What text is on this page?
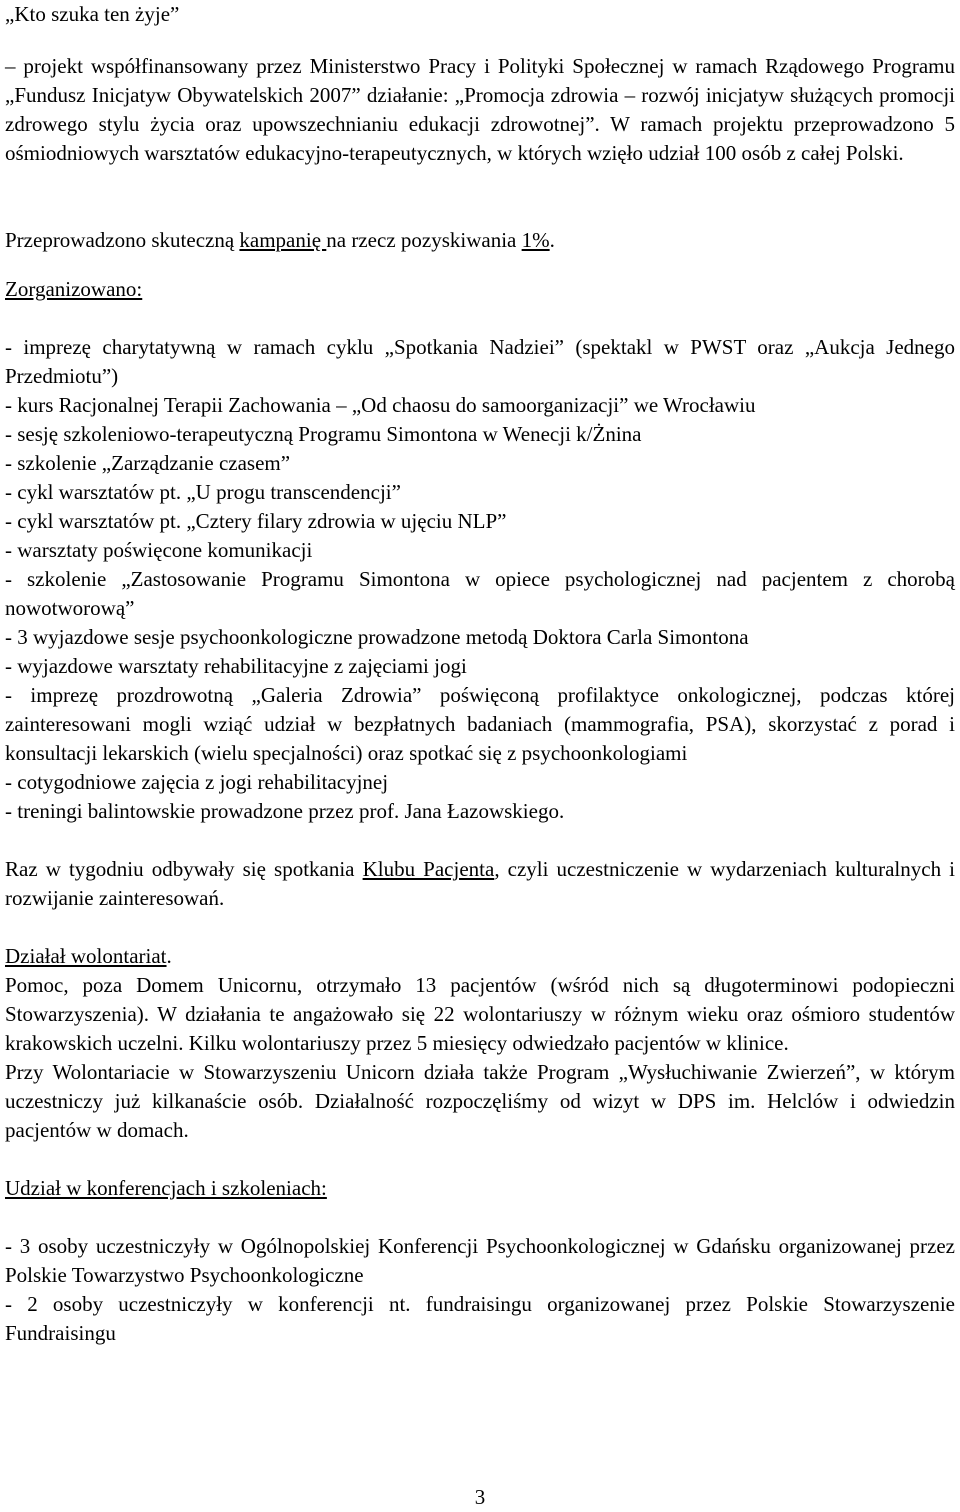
„Kto szuka ten żyje”

– projekt współfinansowany przez Ministerstwo Pracy i Polityki Społecznej w ramach Rządowego Programu „Fundusz Inicjatyw Obywatelskich 2007” działanie: „Promocja zdrowia – rozwój inicjatyw służących promocji zdrowego stylu życia oraz upowszechnianiu edukacji zdrowotnej”. W ramach projektu przeprowadzono 5 ośmiodniowych warsztatów edukacyjno-terapeutycznych, w których wzięło udział 100 osób z całej Polski.

Przeprowadzono skuteczną kampanię na rzecz pozyskiwania 1%.

Zorganizowano:

- imprezę charytatywną w ramach cyklu „Spotkania Nadziei” (spektakl w PWST oraz „Aukcja Jednego Przedmiotu”)

- kurs Racjonalnej Terapii Zachowania – „Od chaosu do samoorganizacji” we Wrocławiu

- sesję szkoleniowo-terapeutyczną Programu Simontona w Wenecji k/Żnina

- szkolenie „Zarządzanie czasem”

- cykl warsztatów pt. „U progu transcendencji”

- cykl warsztatów pt. „Cztery filary zdrowia w ujęciu NLP”

- warsztaty poświęcone komunikacji

- szkolenie „Zastosowanie Programu Simontona w opiece psychologicznej nad pacjentem z chorobą nowotworową”

- 3 wyjazdowe sesje psychoonkologiczne prowadzone metodą Doktora Carla Simontona

- wyjazdowe warsztaty rehabilitacyjne z zajęciami jogi

- imprezę prozdrowotną „Galeria Zdrowia” poświęconą profilaktyce onkologicznej, podczas której zainteresowani mogli wziąć udział w bezpłatnych badaniach (mammografia, PSA), skorzystać z porad i konsultacji lekarskich (wielu specjalności) oraz spotkać się z psychoonkologiami

- cotygodniowe zajęcia z jogi rehabilitacyjnej

- treningi balintowskie prowadzone przez prof. Jana Łazowskiego.

Raz w tygodniu odbywały się spotkania Klubu Pacjenta, czyli uczestniczenie w wydarzeniach kulturalnych i rozwijanie zainteresowań.

Działał wolontariat.

Pomoc, poza Domem Unicornu, otrzymało 13 pacjentów (wśród nich są długoterminowi podopieczni Stowarzyszenia). W działania te angażowało się 22 wolontariuszy w różnym wieku oraz ośmioro studentów krakowskich uczelni. Kilku wolontariuszy przez 5 miesięcy odwiedzało pacjentów w klinice.

Przy Wolontariacie w Stowarzyszeniu Unicorn działa także Program „Wysłuchiwanie Zwierzeń”, w którym uczestniczy już kilkanaście osób. Działalność rozpoczęliśmy od wizyt w DPS im. Helclów i odwiedzin pacjentów w domach.

Udział w konferencjach i szkoleniach:

- 3 osoby uczestniczyły w Ogólnopolskiej Konferencji Psychoonkologicznej w Gdańsku organizowanej przez Polskie Towarzystwo Psychoonkologiczne

- 2 osoby uczestniczyły w konferencji nt. fundraisingu organizowanej przez Polskie Stowarzyszenie Fundraisingu

3
